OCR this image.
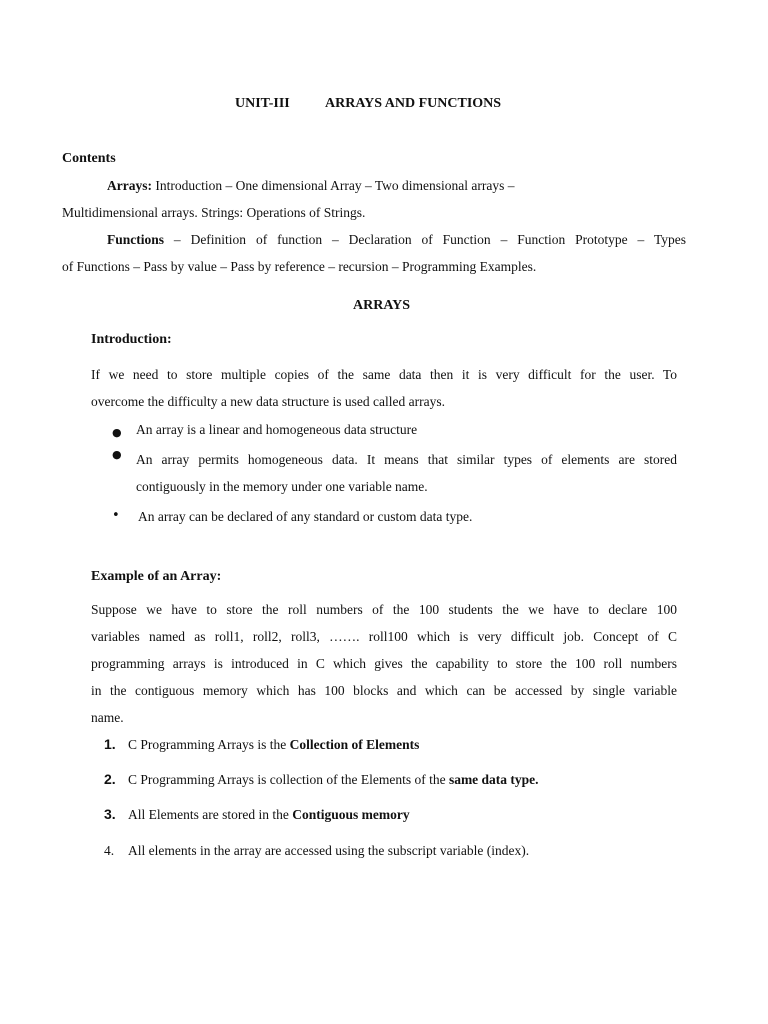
UNIT-III	ARRAYS AND FUNCTIONS
Contents
Arrays: Introduction – One dimensional Array – Two dimensional arrays –
Multidimensional arrays. Strings: Operations of Strings.
Functions – Definition of function – Declaration of Function – Function Prototype – Types
of Functions – Pass by value – Pass by reference – recursion – Programming Examples.
ARRAYS
Introduction:
If we need to store multiple copies of the same data then it is very difficult for the user. To
overcome the difficulty a new data structure is used called arrays.
● An array is a linear and homogeneous data structure
● An array permits homogeneous data. It means that similar types of elements are stored
contiguously in the memory under one variable name.
• An array can be declared of any standard or custom data type.
Example of an Array:
Suppose we have to store the roll numbers of the 100 students the we have to declare 100
variables named as roll1, roll2, roll3, ……. roll100 which is very difficult job. Concept of C
programming arrays is introduced in C which gives the capability to store the 100 roll numbers
in the contiguous memory which has 100 blocks and which can be accessed by single variable
name.
1. C Programming Arrays is the Collection of Elements
2. C Programming Arrays is collection of the Elements of the same data type.
3. All Elements are stored in the Contiguous memory
4. All elements in the array are accessed using the subscript variable (index).
